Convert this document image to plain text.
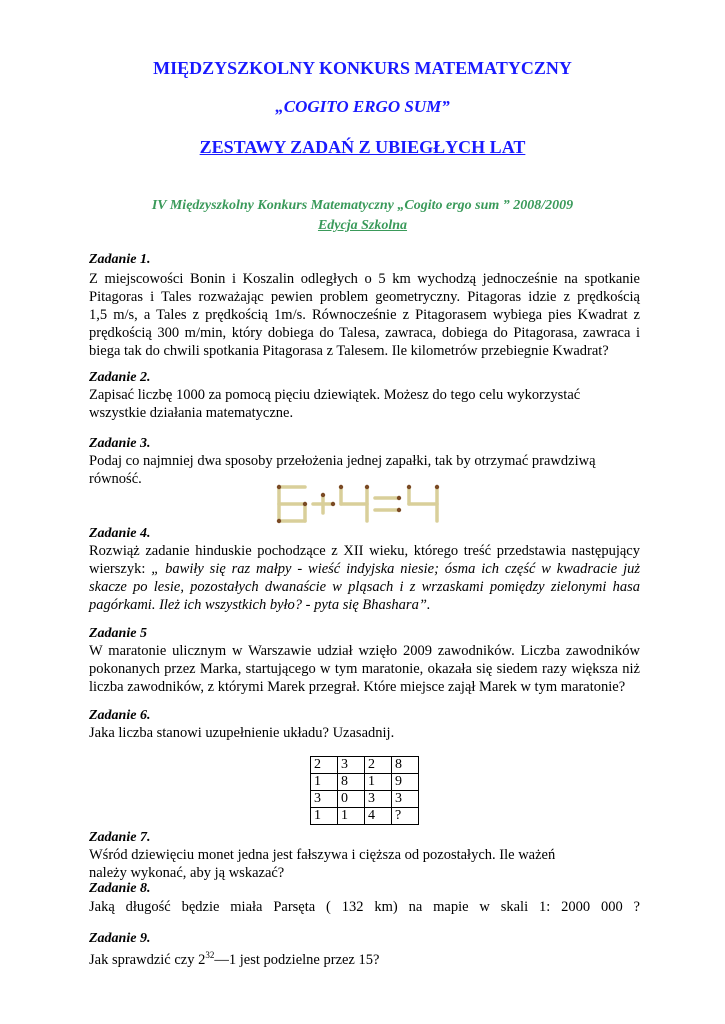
MIĘDZYSZKOLNY KONKURS MATEMATYCZNY
„COGITO ERGO SUM”
ZESTAWY ZADAŃ Z UBIEGŁYCH LAT
IV Międzyszkolny Konkurs Matematyczny „Cogito ergo sum ” 2008/2009
Edycja Szkolna
Zadanie 1.
Z miejscowości Bonin i Koszalin odległych o 5 km wychodzą jednocześnie na spotkanie
Pitagoras i Tales rozważając pewien problem geometryczny. Pitagoras idzie z prędkością
1,5 m/s, a Tales z prędkością 1m/s. Równocześnie z Pitagorasem wybiega pies Kwadrat z
prędkością 300 m/min, który dobiega do Talesa, zawraca, dobiega do Pitagorasa, zawraca i
biega tak do chwili spotkania Pitagorasa z Talesem. Ile kilometrów przebiegnie Kwadrat?
Zadanie 2.
Zapisać liczbę 1000 za pomocą pięciu dziewiątek. Możesz do tego celu wykorzystać
wszystkie działania matematyczne.
Zadanie 3.
Podaj co najmniej dwa sposoby przełożenia jednej zapałki, tak by otrzymać prawdziwą
równość.
Zadanie 4.
Rozwiąż zadanie hinduskie pochodzące z XII wieku, którego treść przedstawia następujący
wierszyk: „ bawiły się raz małpy - wieść indyjska niesie; ósma ich część w kwadracie już
skacze po lesie, pozostałych dwanaście w pląsach i z wrzaskami pomiędzy zielonymi hasa
pagórkami. Ileż ich wszystkich było? - pyta się Bhashara”.
Zadanie 5
W maratonie ulicznym w Warszawie udział wzięło 2009 zawodników. Liczba zawodników
pokonanych przez Marka, startującego w tym maratonie, okazała się siedem razy większa niż
liczba zawodników, z którymi Marek przegrał. Które miejsce zajął Marek w tym maratonie?
Zadanie 6.
Jaka liczba stanowi uzupełnienie układu? Uzasadnij.
2	3	2	8
1	8	1	9
3	0	3	3
1	1	4	?
Zadanie 7.
Wśród dziewięciu monet jedna jest fałszywa i cięższa od pozostałych. Ile ważeń
należy wykonać, aby ją wskazać?
Zadanie 8.
Jaką długość będzie miała Parsęta ( 132 km) na mapie w skali 1: 2000 000 ?
Zadanie 9.
Jak sprawdzić czy $2^{32}—1$ jest podzielne przez 15?
